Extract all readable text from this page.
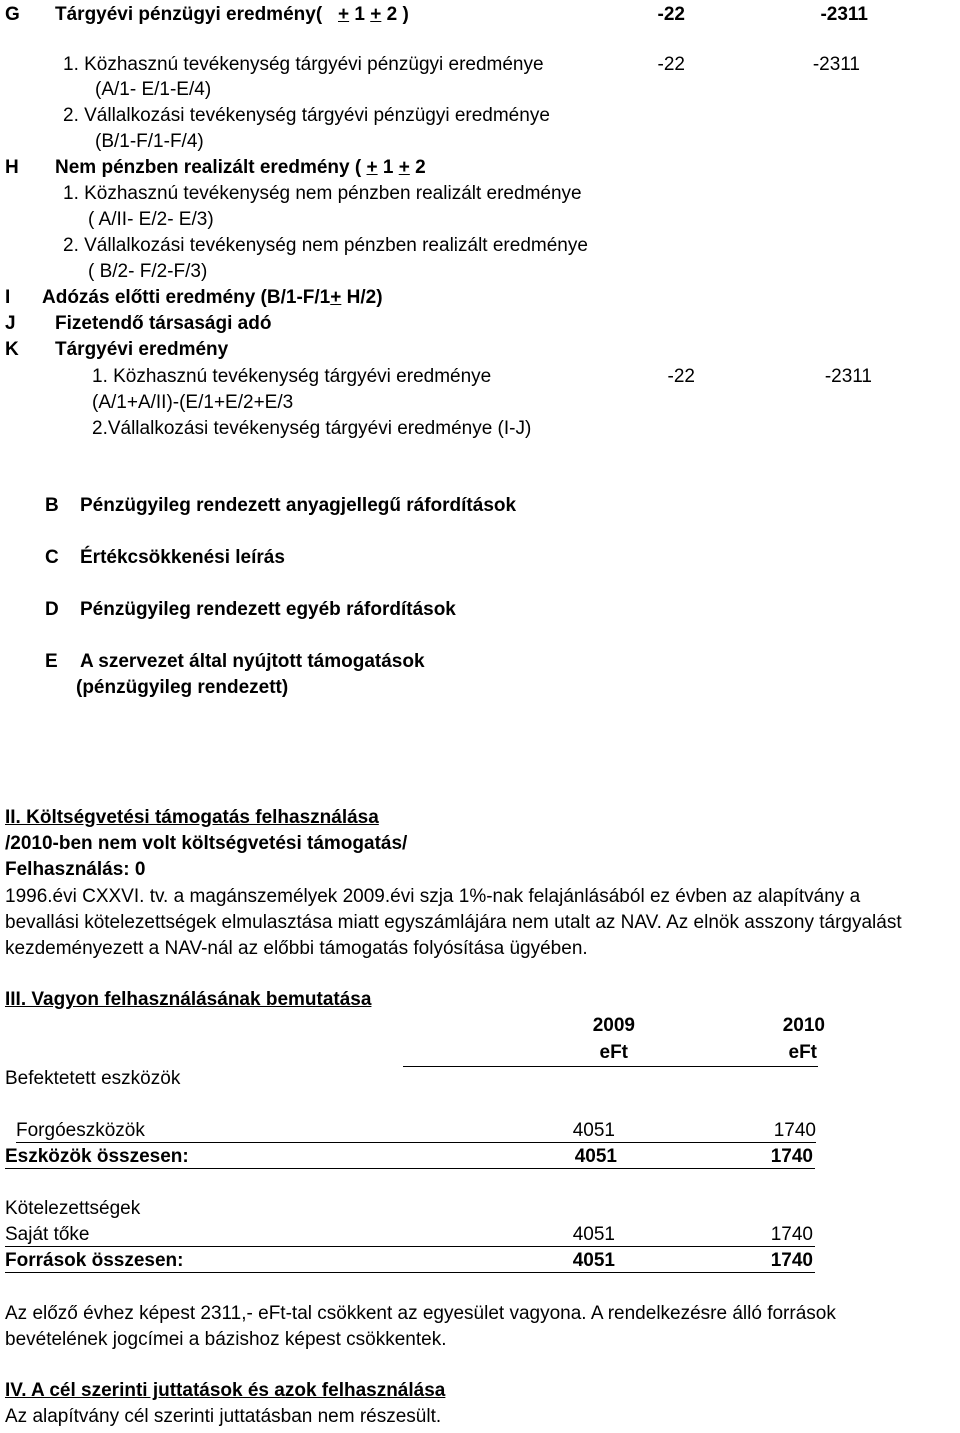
G Tárgyévi pénzügyi eredmény( + 1 + 2 )	-22	-2311
1. Közhasznú tevékenység tárgyévi pénzügyi eredménye	-22	-2311
(A/1- E/1-E/4)
2. Vállalkozási tevékenység tárgyévi pénzügyi eredménye
(B/1-F/1-F/4)
H Nem pénzben realizált eredmény ( + 1 + 2
1. Közhasznú tevékenység nem pénzben realizált eredménye
( A/II- E/2- E/3)
2. Vállalkozási tevékenység nem pénzben realizált eredménye
( B/2- F/2-F/3)
I Adózás előtti eredmény (B/1-F/1+ H/2)
J Fizetendő társasági adó
K Tárgyévi eredmény
1. Közhasznú tevékenység tárgyévi eredménye	-22	-2311
(A/1+A/II)-(E/1+E/2+E/3
2.Vállalkozási tevékenység tárgyévi eredménye (I-J)
B Pénzügyileg rendezett anyagjellegű ráfordítások
C Értékcsökkenési leírás
D Pénzügyileg rendezett egyéb ráfordítások
E A szervezet által nyújtott támogatások
(pénzügyileg rendezett)
II. Költségvetési támogatás felhasználása
/2010-ben nem volt költségvetési támogatás/
Felhasználás: 0
1996.évi CXXVI. tv. a magánszemélyek 2009.évi szja 1%-nak felajánlásából ez évben az alapítvány a bevallási kötelezettségek elmulasztása miatt egyszámlájára nem utalt az NAV. Az elnök asszony tárgyalást kezdeményezett a NAV-nál az előbbi támogatás folyósítása ügyében.
III. Vagyon felhasználásának bemutatása
2009	2010
eFt	eFt
Befektetett eszközök
Forgóeszközök	4051	1740
Eszközök összesen:	4051	1740
Kötelezettségek
Saját tőke	4051	1740
Források összesen:	4051	1740
Az előző évhez képest 2311,- eFt-tal csökkent az egyesület vagyona. A rendelkezésre álló források bevételének jogcímei a bázishoz képest csökkentek.
IV. A cél szerinti juttatások és azok felhasználása
Az alapítvány cél szerinti juttatásban nem részesült.
